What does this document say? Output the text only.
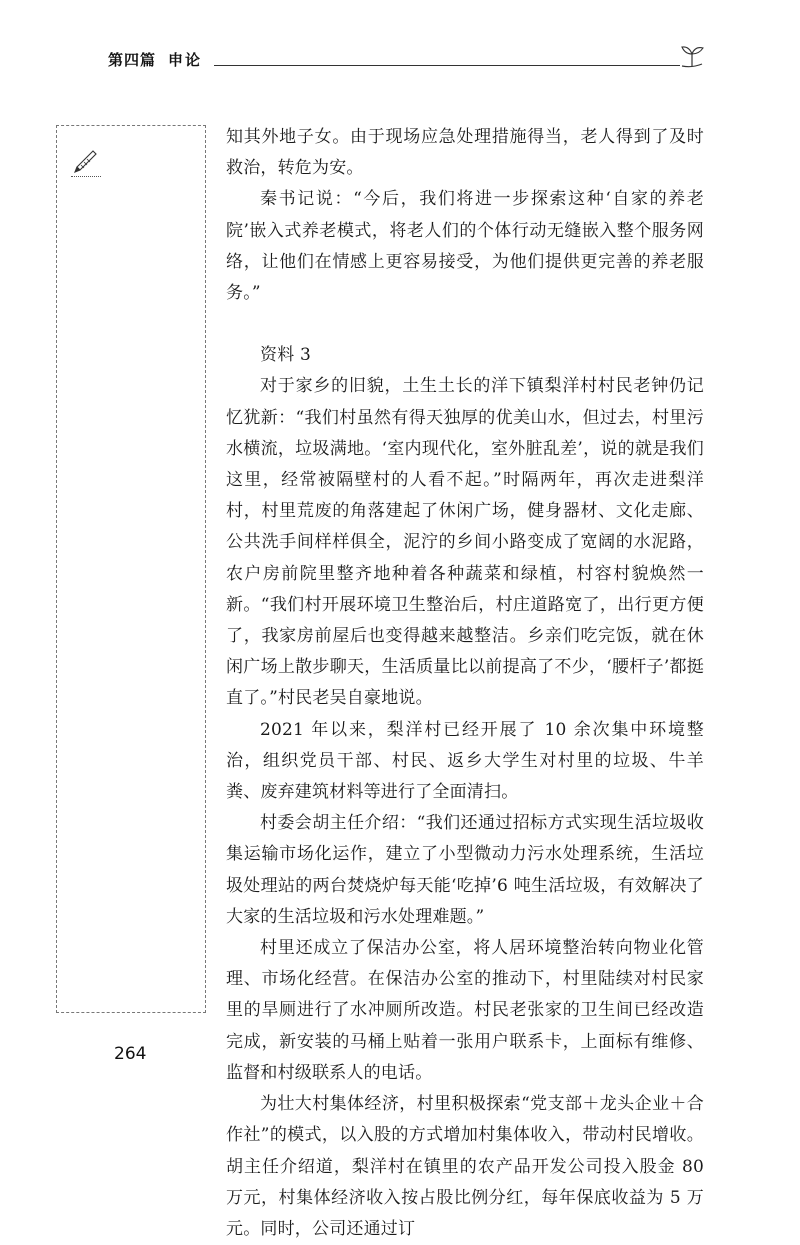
第四篇 申论

知其外地子女。由于现场应急处理措施得当，老人得到了及时救治，转危为安。

秦书记说：“今后，我们将进一步探索这种‘自家的养老院’嵌入式养老模式，将老人们的个体行动无缝嵌入整个服务网络，让他们在情感上更容易接受，为他们提供更完善的养老服务。”

资料 3

对于家乡的旧貌，土生土长的洋下镇梨洋村村民老钟仍记忆犹新：“我们村虽然有得天独厚的优美山水，但过去，村里污水横流，垃圾满地。‘室内现代化，室外脏乱差’，说的就是我们这里，经常被隔壁村的人看不起。”时隔两年，再次走进梨洋村，村里荒废的角落建起了休闲广场，健身器材、文化走廊、公共洗手间样样俱全，泥泞的乡间小路变成了宽阔的水泥路，农户房前院里整齐地种着各种蔬菜和绿植，村容村貌焕然一新。“我们村开展环境卫生整治后，村庄道路宽了，出行更方便了，我家房前屋后也变得越来越整洁。乡亲们吃完饭，就在休闲广场上散步聊天，生活质量比以前提高了不少，‘腰杆子’都挺直了。”村民老吴自豪地说。

2021 年以来，梨洋村已经开展了 10 余次集中环境整治，组织党员干部、村民、返乡大学生对村里的垃圾、牛羊粪、废弃建筑材料等进行了全面清扫。

村委会胡主任介绍：“我们还通过招标方式实现生活垃圾收集运输市场化运作，建立了小型微动力污水处理系统，生活垃圾处理站的两台焚烧炉每天能‘吃掉’6 吨生活垃圾，有效解决了大家的生活垃圾和污水处理难题。”

村里还成立了保洁办公室，将人居环境整治转向物业化管理、市场化经营。在保洁办公室的推动下，村里陆续对村民家里的旱厕进行了水冲厕所改造。村民老张家的卫生间已经改造完成，新安装的马桶上贴着一张用户联系卡，上面标有维修、监督和村级联系人的电话。

为壮大村集体经济，村里积极探索“党支部＋龙头企业＋合作社”的模式，以入股的方式增加村集体收入，带动村民增收。胡主任介绍道，梨洋村在镇里的农产品开发公司投入股金 80 万元，村集体经济收入按占股比例分红，每年保底收益为 5 万元。同时，公司还通过订

264
